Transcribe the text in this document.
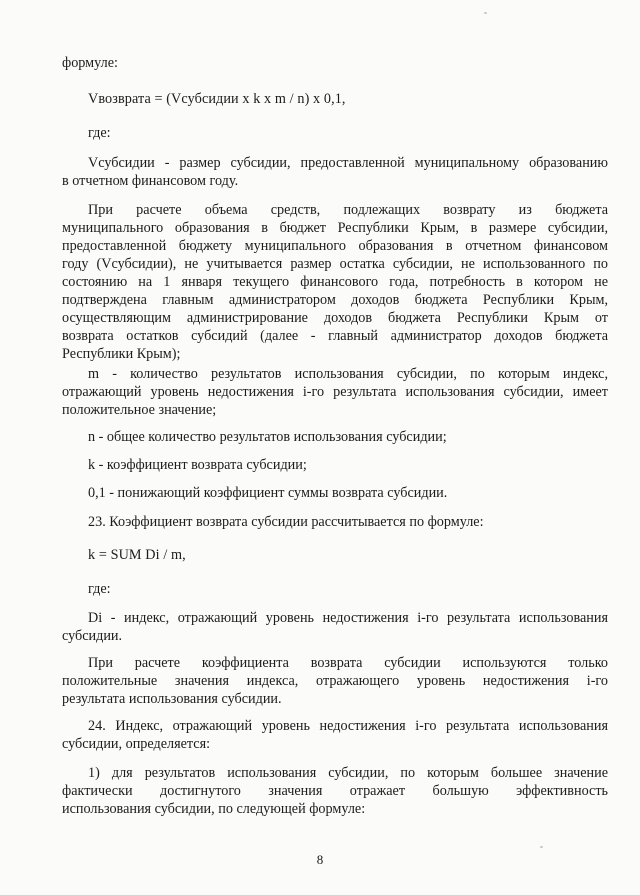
формуле:

Vвозврата = (Vсубсидии x k x m / n) x 0,1,

где:

Vсубсидии - размер субсидии, предоставленной муниципальному образованию

в отчетном финансовом году.

При расчете объема средств, подлежащих возврату из бюджета

муниципального образования в бюджет Республики Крым, в размере субсидии,

предоставленной бюджету муниципального образования в отчетном финансовом

году (Vсубсидии), не учитывается размер остатка субсидии, не использованного по

состоянию на 1 января текущего финансового года, потребность в котором не

подтверждена главным администратором доходов бюджета Республики Крым,

осуществляющим администрирование доходов бюджета Республики Крым от

возврата остатков субсидий (далее - главный администратор доходов бюджета

Республики Крым);

m - количество результатов использования субсидии, по которым индекс,

отражающий уровень недостижения i-го результата использования субсидии, имеет

положительное значение;

n - общее количество результатов использования субсидии;

k - коэффициент возврата субсидии;

0,1 - понижающий коэффициент суммы возврата субсидии.

23. Коэффициент возврата субсидии рассчитывается по формуле:

k = SUM Di / m,

где:

Di - индекс, отражающий уровень недостижения i-го результата использования

субсидии.

При расчете коэффициента возврата субсидии используются только

положительные значения индекса, отражающего уровень недостижения i-го

результата использования субсидии.

24. Индекс, отражающий уровень недостижения i-го результата использования

субсидии, определяется:

1) для результатов использования субсидии, по которым большее значение

фактически достигнутого значения отражает большую эффективность

использования субсидии, по следующей формуле:

8
